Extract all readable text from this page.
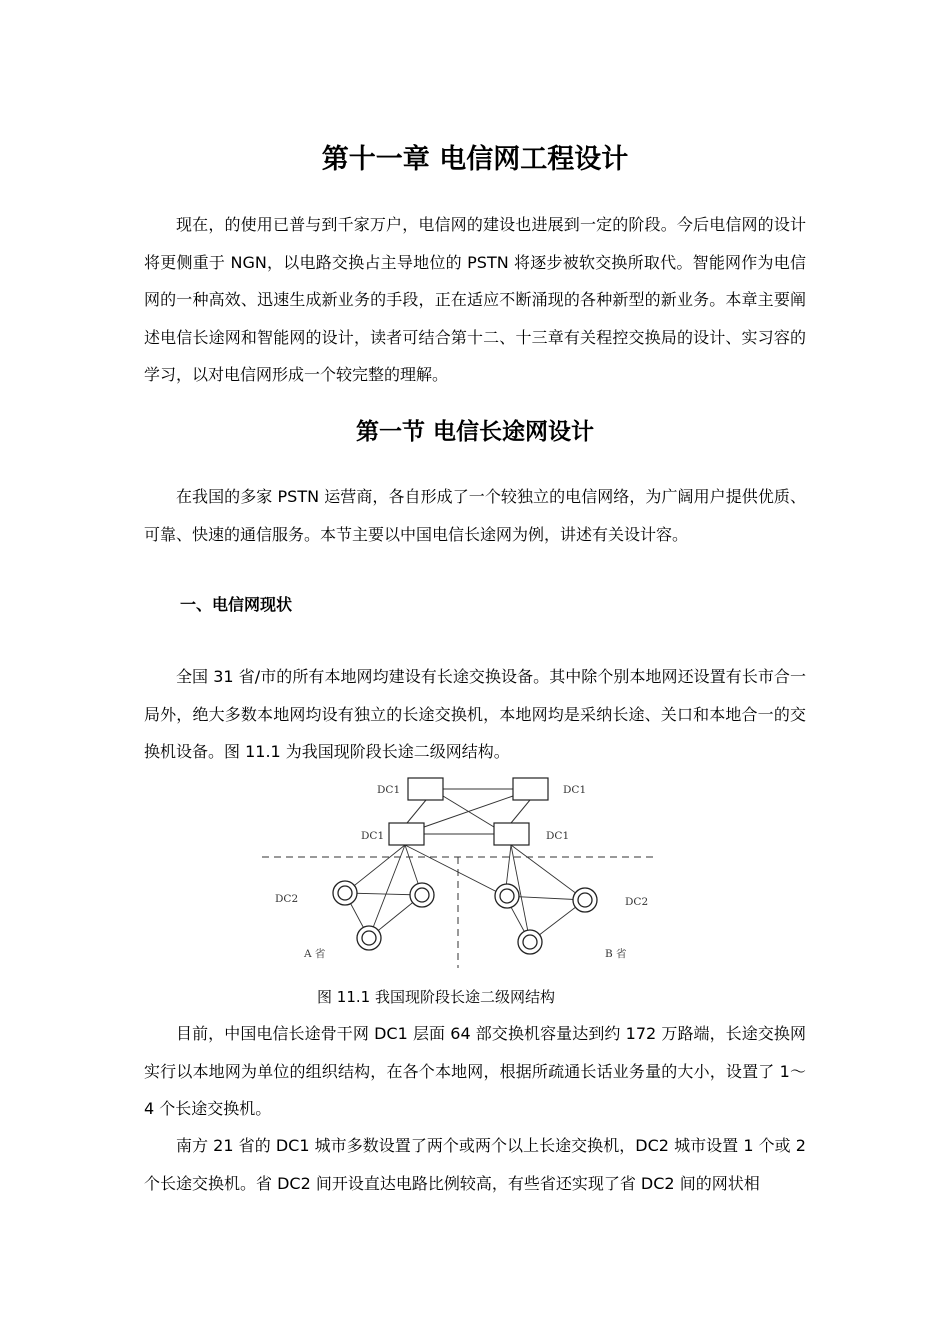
第十一章 电信网工程设计

现在，的使用已普与到千家万户，电信网的建设也进展到一定的阶段。今后电信网的设计将更侧重于 NGN，以电路交换占主导地位的 PSTN 将逐步被软交换所取代。智能网作为电信网的一种高效、迅速生成新业务的手段，正在适应不断涌现的各种新型的新业务。本章主要阐述电信长途网和智能网的设计，读者可结合第十二、十三章有关程控交换局的设计、实习容的学习，以对电信网形成一个较完整的理解。

第一节 电信长途网设计

在我国的多家 PSTN 运营商，各自形成了一个较独立的电信网络，为广阔用户提供优质、可靠、快速的通信服务。本节主要以中国电信长途网为例，讲述有关设计容。

一、电信网现状

全国 31 省/市的所有本地网均建设有长途交换设备。其中除个别本地网还设置有长市合一局外，绝大多数本地网均设有独立的长途交换机，本地网均是采纳长途、关口和本地合一的交换机设备。图 11.1 为我国现阶段长途二级网结构。

DC1	DC1
DC1	DC1
DC2	DC2
A 省	B 省

图 11.1 我国现阶段长途二级网结构

目前，中国电信长途骨干网 DC1 层面 64 部交换机容量达到约 172 万路端，长途交换网实行以本地网为单位的组织结构，在各个本地网，根据所疏通长话业务量的大小，设置了 1～4 个长途交换机。

南方 21 省的 DC1 城市多数设置了两个或两个以上长途交换机，DC2 城市设置 1 个或 2 个长途交换机。省 DC2 间开设直达电路比例较高，有些省还实现了省 DC2 间的网状相
